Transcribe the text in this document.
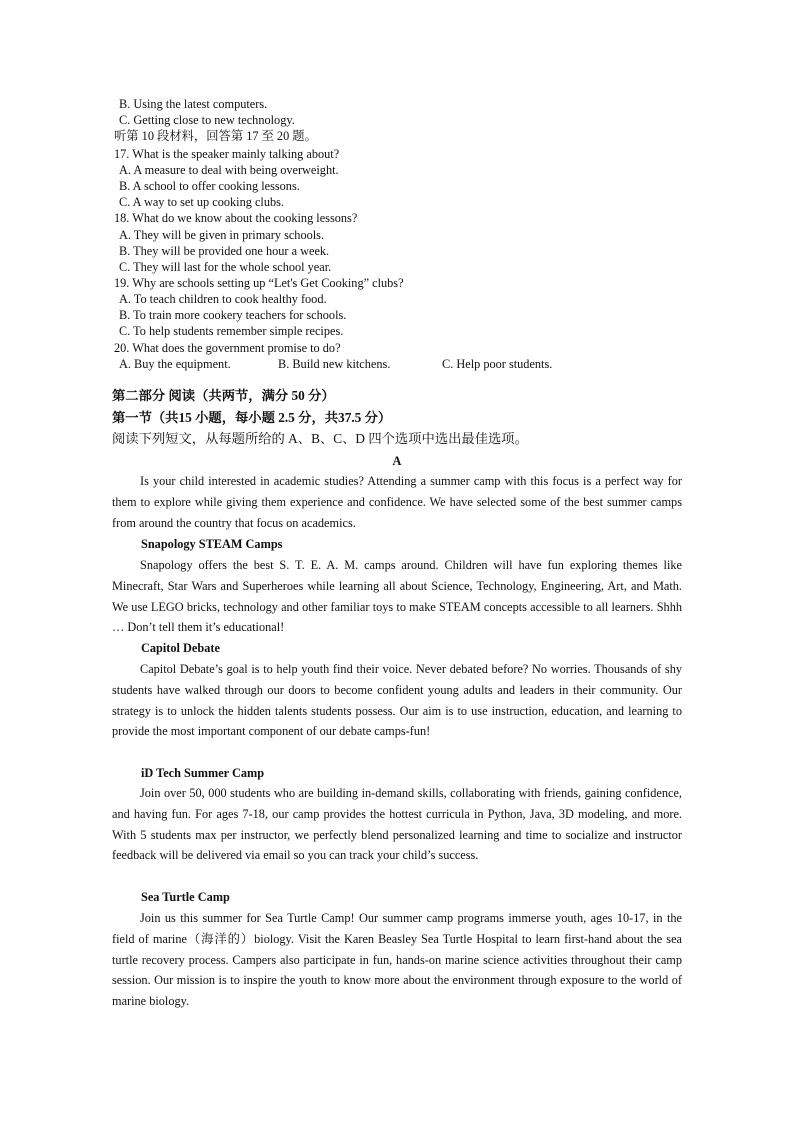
B. Using the latest computers.
C. Getting close to new technology.
听第 10 段材料，回答第 17 至 20 题。
17. What is the speaker mainly talking about?
A. A measure to deal with being overweight.
B. A school to offer cooking lessons.
C. A way to set up cooking clubs.
18. What do we know about the cooking lessons?
A. They will be given in primary schools.
B. They will be provided one hour a week.
C. They will last for the whole school year.
19. Why are schools setting up “Let's Get Cooking” clubs?
A. To teach children to cook healthy food.
B. To train more cookery teachers for schools.
C. To help students remember simple recipes.
20. What does the government promise to do?
A. Buy the equipment.	B. Build new kitchens.	C. Help poor students.
第二部分 阅读（共两节，满分 50 分）
第一节（共15 小题，每小题 2.5 分，共37.5 分）
阅读下列短文，从每题所给的 A、B、C、D 四个选项中选出最佳选项。
A

Is your child interested in academic studies? Attending a summer camp with this focus is a perfect way for them to explore while giving them experience and confidence. We have selected some of the best summer camps from around the country that focus on academics.

Snapology STEAM Camps

Snapology offers the best S. T. E. A. M. camps around. Children will have fun exploring themes like Minecraft, Star Wars and Superheroes while learning all about Science, Technology, Engineering, Art, and Math. We use LEGO bricks, technology and other familiar toys to make STEAM concepts accessible to all learners. Shhh … Don’t tell them it’s educational!

Capitol Debate

Capitol Debate’s goal is to help youth find their voice. Never debated before? No worries. Thousands of shy students have walked through our doors to become confident young adults and leaders in their community. Our strategy is to unlock the hidden talents students possess. Our aim is to use instruction, education, and learning to provide the most important component of our debate camps-fun!

iD Tech Summer Camp

Join over 50, 000 students who are building in-demand skills, collaborating with friends, gaining confidence, and having fun. For ages 7-18, our camp provides the hottest curricula in Python, Java, 3D modeling, and more. With 5 students max per instructor, we perfectly blend personalized learning and time to socialize and instructor feedback will be delivered via email so you can track your child’s success.

Sea Turtle Camp

Join us this summer for Sea Turtle Camp! Our summer camp programs immerse youth, ages 10-17, in the field of marine（海洋的）biology. Visit the Karen Beasley Sea Turtle Hospital to learn first-hand about the sea turtle recovery process. Campers also participate in fun, hands-on marine science activities throughout their camp session. Our mission is to inspire the youth to know more about the environment through exposure to the world of marine biology.
